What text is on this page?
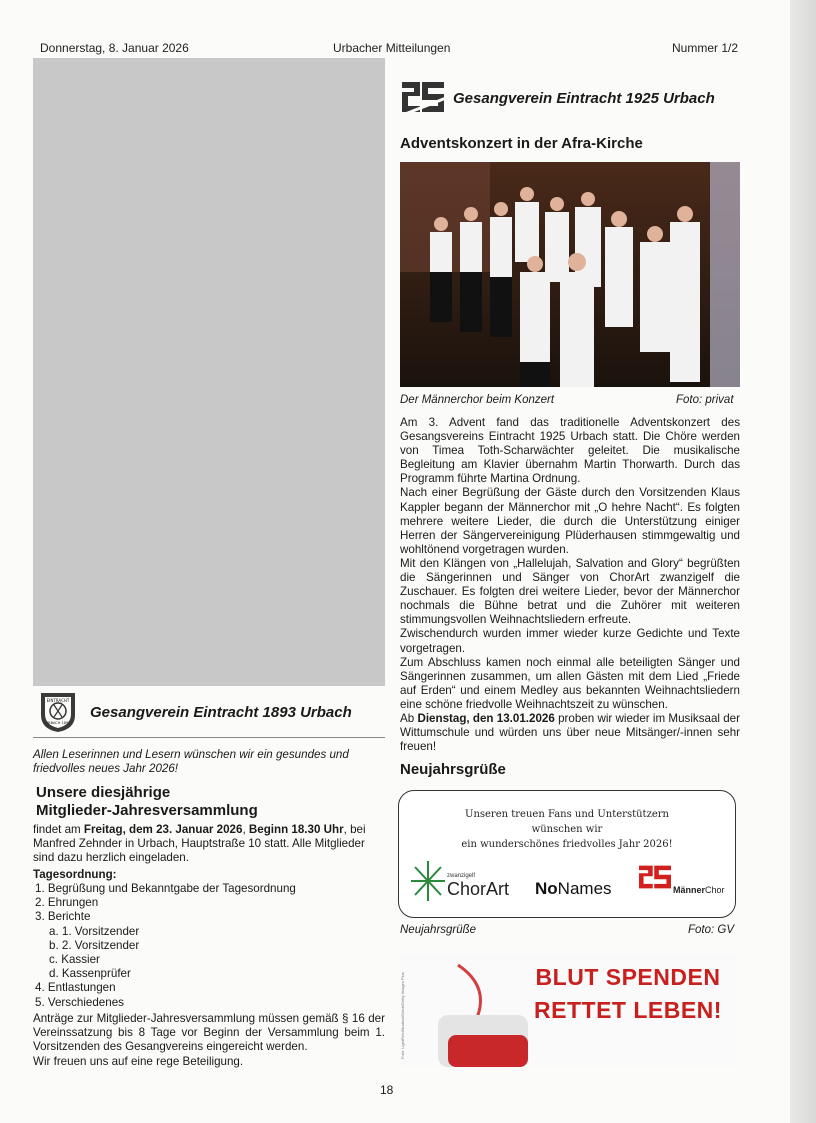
Donnerstag, 8. Januar 2026	Urbacher Mitteilungen	Nummer 1/2
Gesangverein Eintracht 1925 Urbach
Adventskonzert in der Afra-Kirche
Der Männerchor beim Konzert	Foto: privat

Am 3. Advent fand das traditionelle Adventskonzert des Gesangsvereins Eintracht 1925 Urbach statt. Die Chöre werden von Timea Toth-Scharwächter geleitet. Die musikalische Begleitung am Klavier übernahm Martin Thorwarth. Durch das Programm führte Martina Ordnung.

Nach einer Begrüßung der Gäste durch den Vorsitzenden Klaus Kappler begann der Männerchor mit „O hehre Nacht“. Es folgten mehrere weitere Lieder, die durch die Unterstützung einiger Herren der Sängervereinigung Plüderhausen stimmgewaltig und wohltönend vorgetragen wurden.

Mit den Klängen von „Hallelujah, Salvation and Glory“ begrüßten die Sängerinnen und Sänger von ChorArt zwanzigelf die Zuschauer. Es folgten drei weitere Lieder, bevor der Männerchor nochmals die Bühne betrat und die Zuhörer mit weiteren stimmungsvollen Weihnachtsliedern erfreute.

Zwischendurch wurden immer wieder kurze Gedichte und Texte vorgetragen.

Zum Abschluss kamen noch einmal alle beteiligten Sänger und Sängerinnen zusammen, um allen Gästen mit dem Lied „Friede auf Erden“ und einem Medley aus bekannten Weihnachtsliedern eine schöne friedvolle Weihnachtszeit zu wünschen.

Ab Dienstag, den 13.01.2026 proben wir wieder im Musiksaal der Wittumschule und würden uns über neue Mitsänger/-innen sehr freuen!

Neujahrsgrüße
Unseren treuen Fans und Unterstützern
wünschen wir
ein wunderschönes friedvolles Jahr 2026!
zwanzigelf
ChorArt NoNames	MännerChor
Neujahrsgrüße	Foto: GV
Foto: LightFieldStudios/iStock/Getty Images Plus	BLUT SPENDEN
RETTET LEBEN!
EINTRACHT
URBACH 1893
Gesangverein Eintracht 1893 Urbach
Allen Leserinnen und Lesern wünschen wir ein gesundes und friedvolles neues Jahr 2026!
Unsere diesjährige
Mitglieder-Jahresversammlung
findet am Freitag, dem 23. Januar 2026, Beginn 18.30 Uhr, bei Manfred Zehnder in Urbach, Hauptstraße 10 statt. Alle Mitglieder sind dazu herzlich eingeladen.
Tagesordnung:
1. Begrüßung und Bekanntgabe der Tagesordnung
2. Ehrungen
3. Berichte
a. 1. Vorsitzender
b. 2. Vorsitzender
c. Kassier
d. Kassenprüfer
4. Entlastungen
5. Verschiedenes

Anträge zur Mitglieder-Jahresversammlung müssen gemäß § 16 der Vereinssatzung bis 8 Tage vor Beginn der Versammlung beim 1. Vorsitzenden des Gesangvereins eingereicht werden.

Wir freuen uns auf eine rege Beteiligung.

18
